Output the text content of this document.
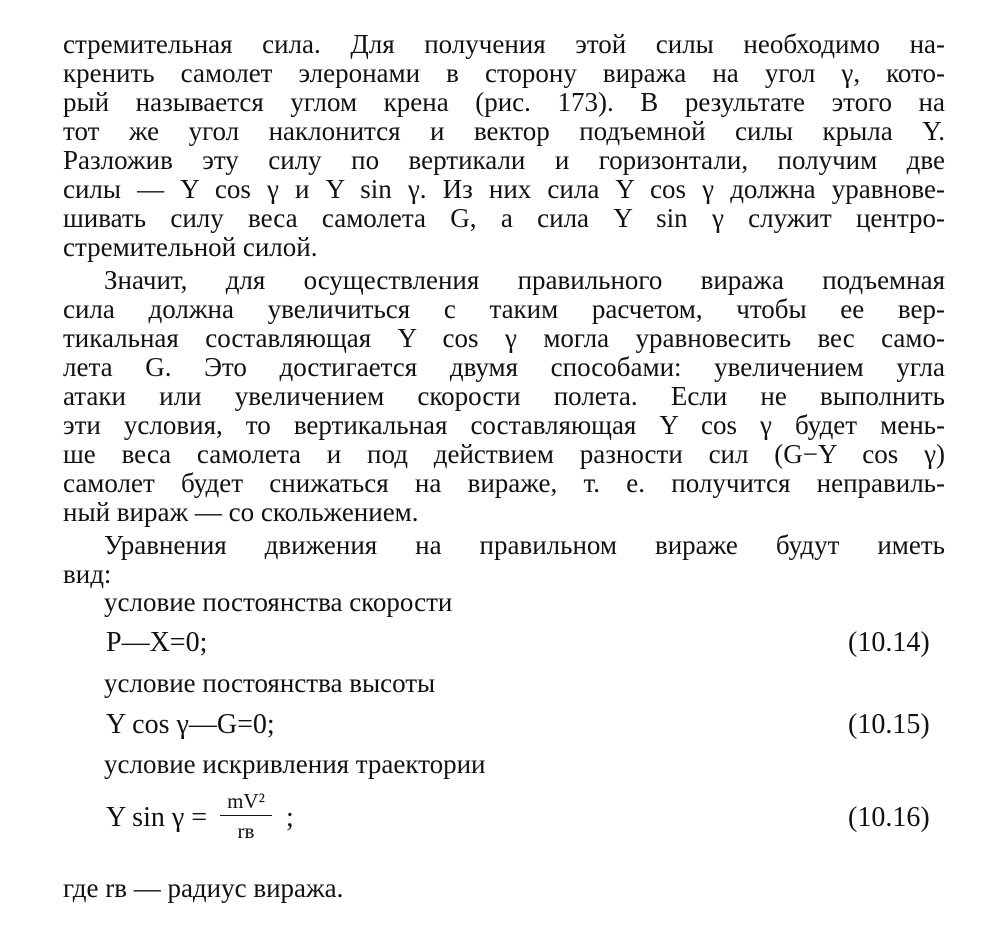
стремительная сила. Для получения этой силы необходимо на-
кренить самолет элеронами в сторону виража на угол γ, кото-
рый называется углом крена (рис. 173). В результате этого на
тот же угол наклонится и вектор подъемной силы крыла Y.
Разложив эту силу по вертикали и горизонтали, получим две
силы — Y cos γ и Y sin γ. Из них сила Y cos γ должна уравнове-
шивать силу веса самолета G, а сила Y sin γ служит центро-
стремительной силой.
Значит, для осуществления правильного виража подъемная
сила должна увеличиться с таким расчетом, чтобы ее вер-
тикальная составляющая Y cos γ могла уравновесить вес само-
лета G. Это достигается двумя способами: увеличением угла
атаки или увеличением скорости полета. Если не выполнить
эти условия, то вертикальная составляющая Y cos γ будет мень-
ше веса самолета и под действием разности сил (G−Y cos γ)
самолет будет снижаться на вираже, т. е. получится неправиль-
ный вираж — со скольжением.
Уравнения движения на правильном вираже будут иметь
вид:
условие постоянства скорости
P—X=0;	(10.14)
условие постоянства высоты
Y cos γ—G=0;	(10.15)
условие искривления траектории
Y sin γ =
mV²
rв	;	(10.16)
где rв — радиус виража.
